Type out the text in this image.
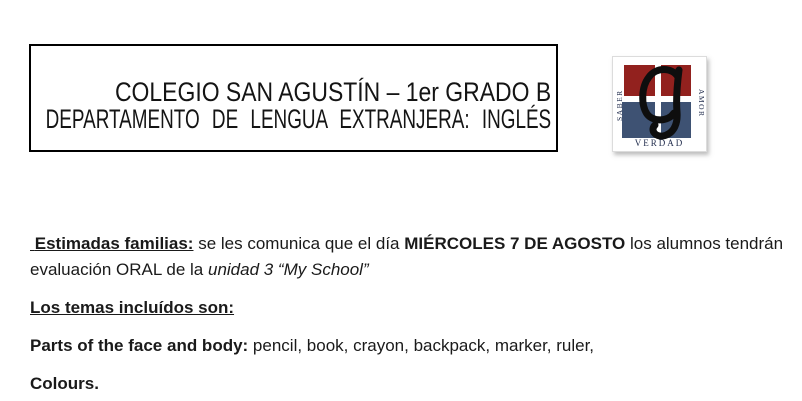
COLEGIO SAN AGUSTÍN – 1er GRADO B
DEPARTAMENTO DE LENGUA EXTRANJERA: INGLÉS	SABER	AMOR
VERDAD

Estimadas familias: se les comunica que el día MIÉRCOLES 7 DE AGOSTO los alumnos tendrán
evaluación ORAL de la unidad 3 “My School”

Los temas incluídos son:

Parts of the face and body: pencil, book, crayon, backpack, marker, ruler,

Colours.
